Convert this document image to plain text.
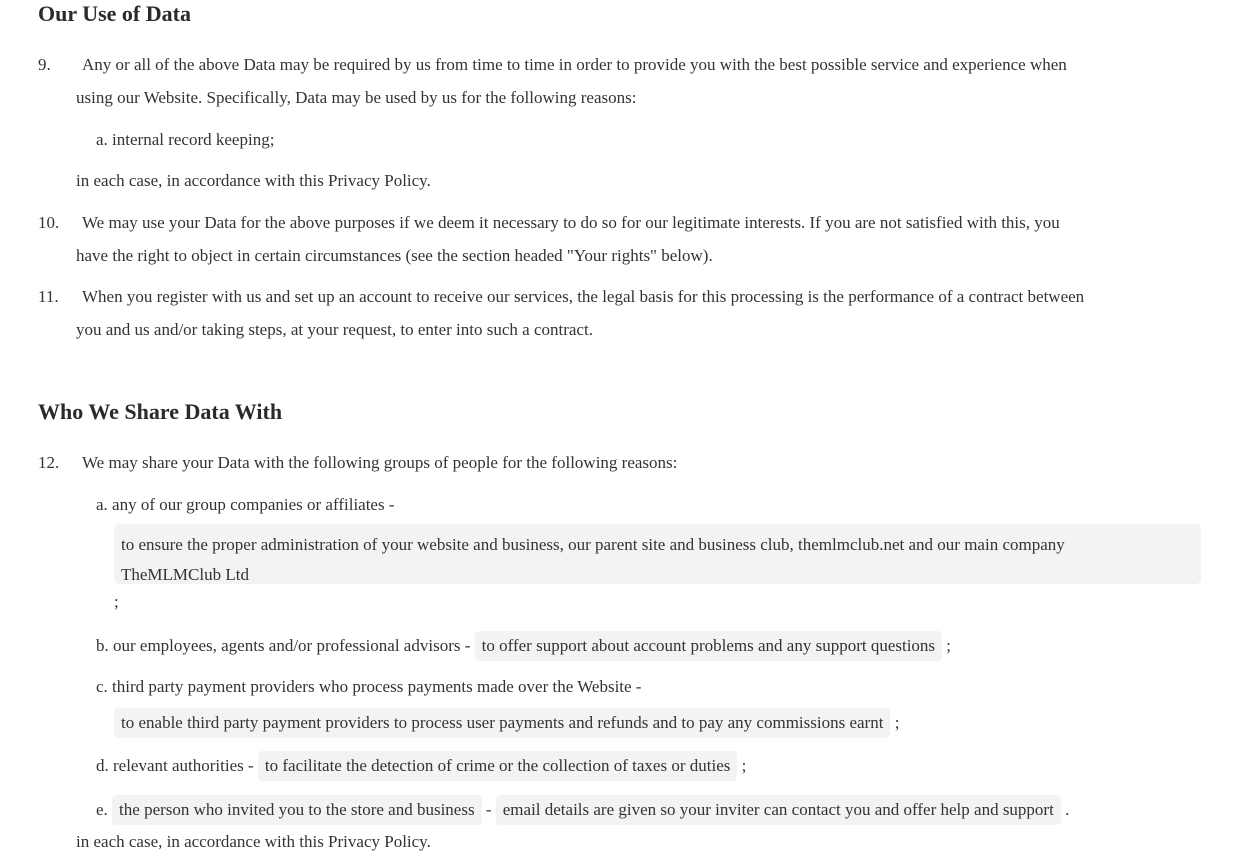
Our Use of Data
9. Any or all of the above Data may be required by us from time to time in order to provide you with the best possible service and experience when
using our Website. Specifically, Data may be used by us for the following reasons:
a. internal record keeping;
in each case, in accordance with this Privacy Policy.
10. We may use your Data for the above purposes if we deem it necessary to do so for our legitimate interests. If you are not satisfied with this, you
have the right to object in certain circumstances (see the section headed "Your rights" below).
11. When you register with us and set up an account to receive our services, the legal basis for this processing is the performance of a contract between
you and us and/or taking steps, at your request, to enter into such a contract.
Who We Share Data With
12. We may share your Data with the following groups of people for the following reasons:
a. any of our group companies or affiliates -
to ensure the proper administration of your website and business, our parent site and business club, themlmclub.net and our main company
TheMLMClub Ltd
;
b. our employees, agents and/or professional advisors - to offer support about account problems and any support questions ;
c. third party payment providers who process payments made over the Website -
to enable third party payment providers to process user payments and refunds and to pay any commissions earnt ;
d. relevant authorities - to facilitate the detection of crime or the collection of taxes or duties ;
e. the person who invited you to the store and business - email details are given so your inviter can contact you and offer help and support .
in each case, in accordance with this Privacy Policy.
